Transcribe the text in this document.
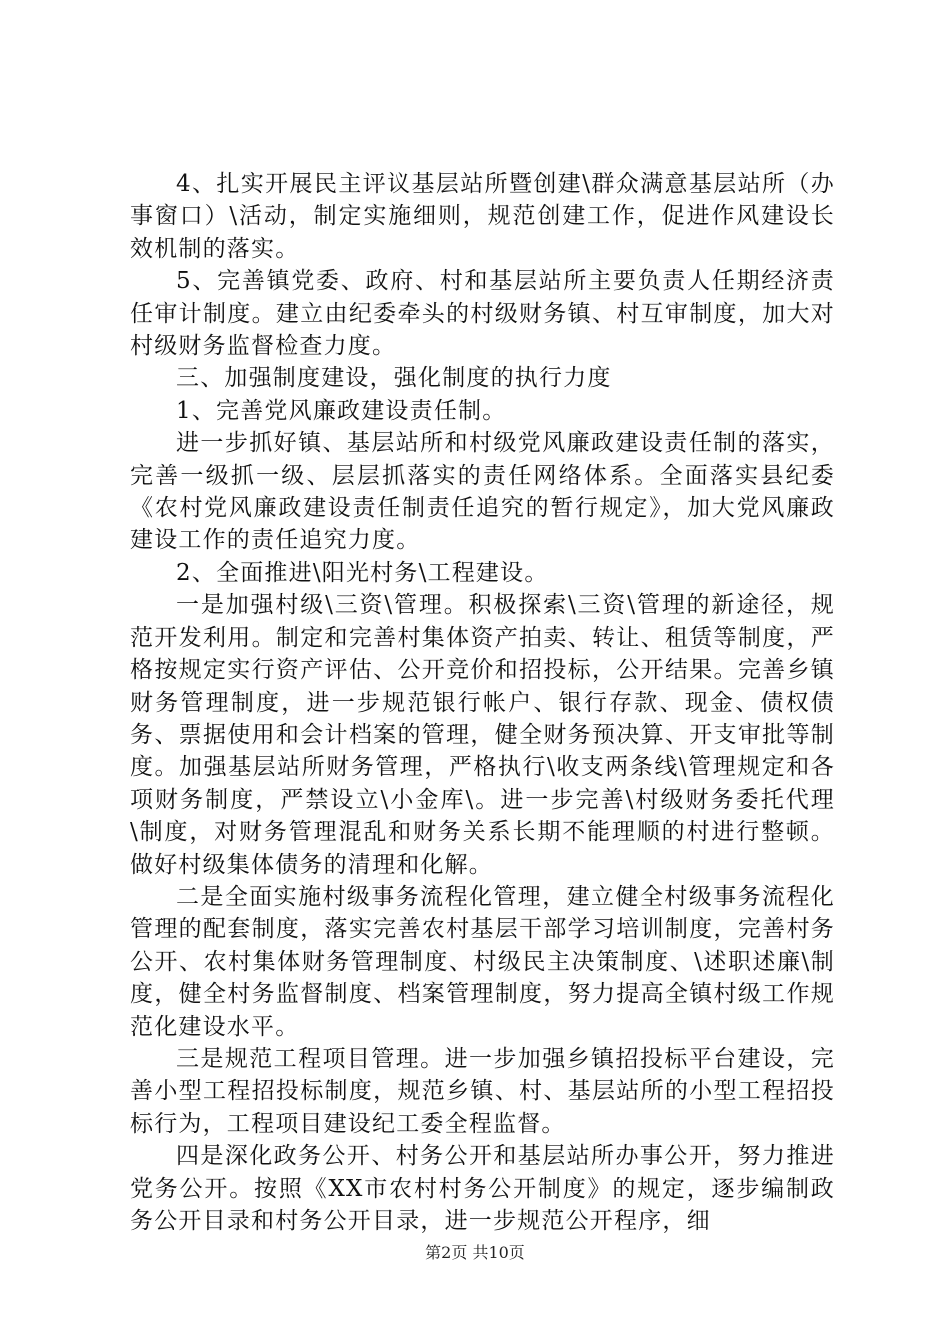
4、扎实开展民主评议基层站所暨创建\群众满意基层站所（办事窗口）\活动，制定实施细则，规范创建工作，促进作风建设长效机制的落实。

5、完善镇党委、政府、村和基层站所主要负责人任期经济责任审计制度。建立由纪委牵头的村级财务镇、村互审制度，加大对村级财务监督检查力度。

三、加强制度建设，强化制度的执行力度

1、完善党风廉政建设责任制。

进一步抓好镇、基层站所和村级党风廉政建设责任制的落实，完善一级抓一级、层层抓落实的责任网络体系。全面落实县纪委《农村党风廉政建设责任制责任追究的暂行规定》，加大党风廉政建设工作的责任追究力度。

2、全面推进\阳光村务\工程建设。

一是加强村级\三资\管理。积极探索\三资\管理的新途径，规范开发利用。制定和完善村集体资产拍卖、转让、租赁等制度，严格按规定实行资产评估、公开竞价和招投标，公开结果。完善乡镇财务管理制度，进一步规范银行帐户、银行存款、现金、债权债务、票据使用和会计档案的管理，健全财务预决算、开支审批等制度。加强基层站所财务管理，严格执行\收支两条线\管理规定和各项财务制度，严禁设立\小金库\。进一步完善\村级财务委托代理\制度，对财务管理混乱和财务关系长期不能理顺的村进行整顿。做好村级集体债务的清理和化解。

二是全面实施村级事务流程化管理，建立健全村级事务流程化管理的配套制度，落实完善农村基层干部学习培训制度，完善村务公开、农村集体财务管理制度、村级民主决策制度、\述职述廉\制度，健全村务监督制度、档案管理制度，努力提高全镇村级工作规范化建设水平。

三是规范工程项目管理。进一步加强乡镇招投标平台建设，完善小型工程招投标制度，规范乡镇、村、基层站所的小型工程招投标行为，工程项目建设纪工委全程监督。

四是深化政务公开、村务公开和基层站所办事公开，努力推进党务公开。按照《XX市农村村务公开制度》的规定，逐步编制政务公开目录和村务公开目录，进一步规范公开程序，细

第2页 共10页
